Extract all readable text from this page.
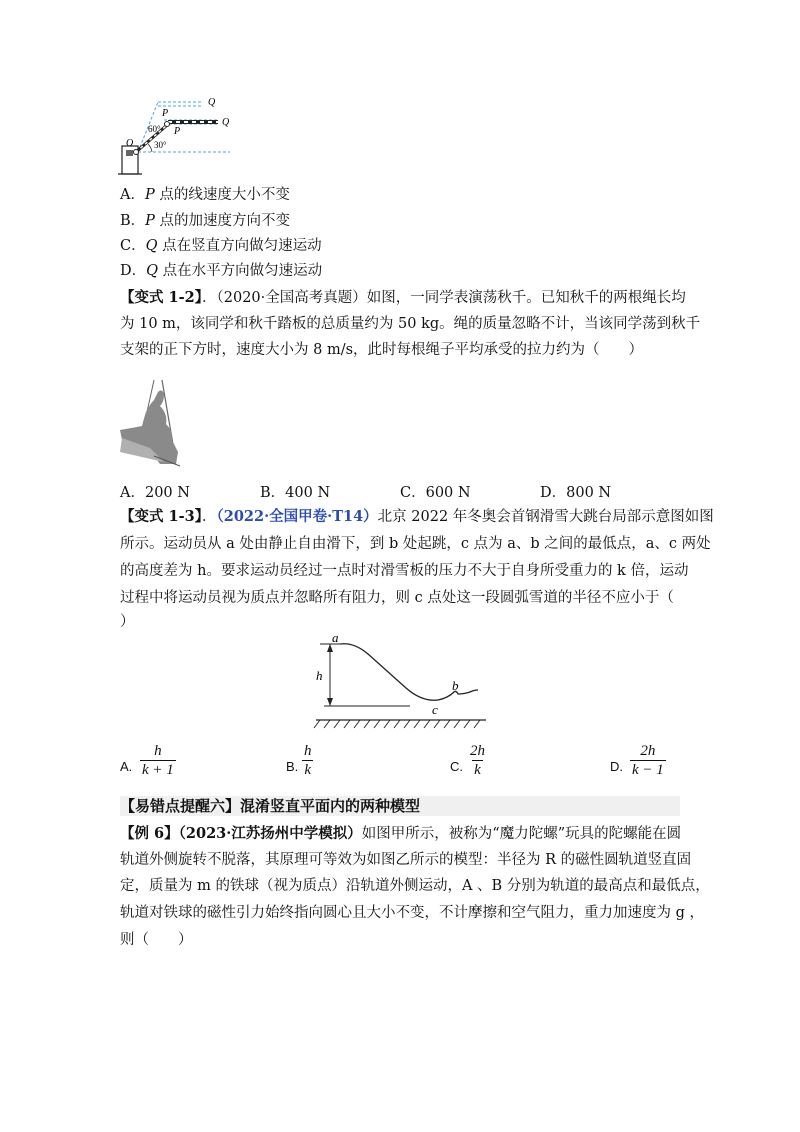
Q
P
O
60° P
30°
Q
A．P 点的线速度大小不变
B．P 点的加速度方向不变
C．Q 点在竖直方向做匀速运动
D．Q 点在水平方向做匀速运动
【变式 1-2】．（2020·全国高考真题）如图，一同学表演荡秋千。已知秋千的两根绳长均
为 10 m，该同学和秋千踏板的总质量约为 50 kg。绳的质量忽略不计，当该同学荡到秋千
支架的正下方时，速度大小为 8 m/s，此时每根绳子平均承受的拉力约为（　　）
A．200 N	B．400 N	C．600 N	D．800 N
【变式 1-3】．（2022·全国甲卷·T14）北京 2022 年冬奥会首钢滑雪大跳台局部示意图如图
所示。运动员从 a 处由静止自由滑下，到 b 处起跳，c 点为 a、b 之间的最低点，a、c 两处
的高度差为 h。要求运动员经过一点时对滑雪板的压力不大于自身所受重力的 k 倍，运动
过程中将运动员视为质点并忽略所有阻力，则 c 点处这一段圆弧雪道的半径不应小于（
）
a
h
b
c
A. $\frac{h}{k + 1}$	B. $\frac{h}{k}$	C. $\frac{2h}{k}$	D. $\frac{2h}{k - 1}$
【易错点提醒六】混淆竖直平面内的两种模型
【例 6】（2023·江苏扬州中学模拟）如图甲所示，被称为“魔力陀螺”玩具的陀螺能在圆
轨道外侧旋转不脱落，其原理可等效为如图乙所示的模型：半径为 R 的磁性圆轨道竖直固
定，质量为 m 的铁球（视为质点）沿轨道外侧运动，A 、B 分别为轨道的最高点和最低点，
轨道对铁球的磁性引力始终指向圆心且大小不变，不计摩擦和空气阻力，重力加速度为 g ，
则（　　）
